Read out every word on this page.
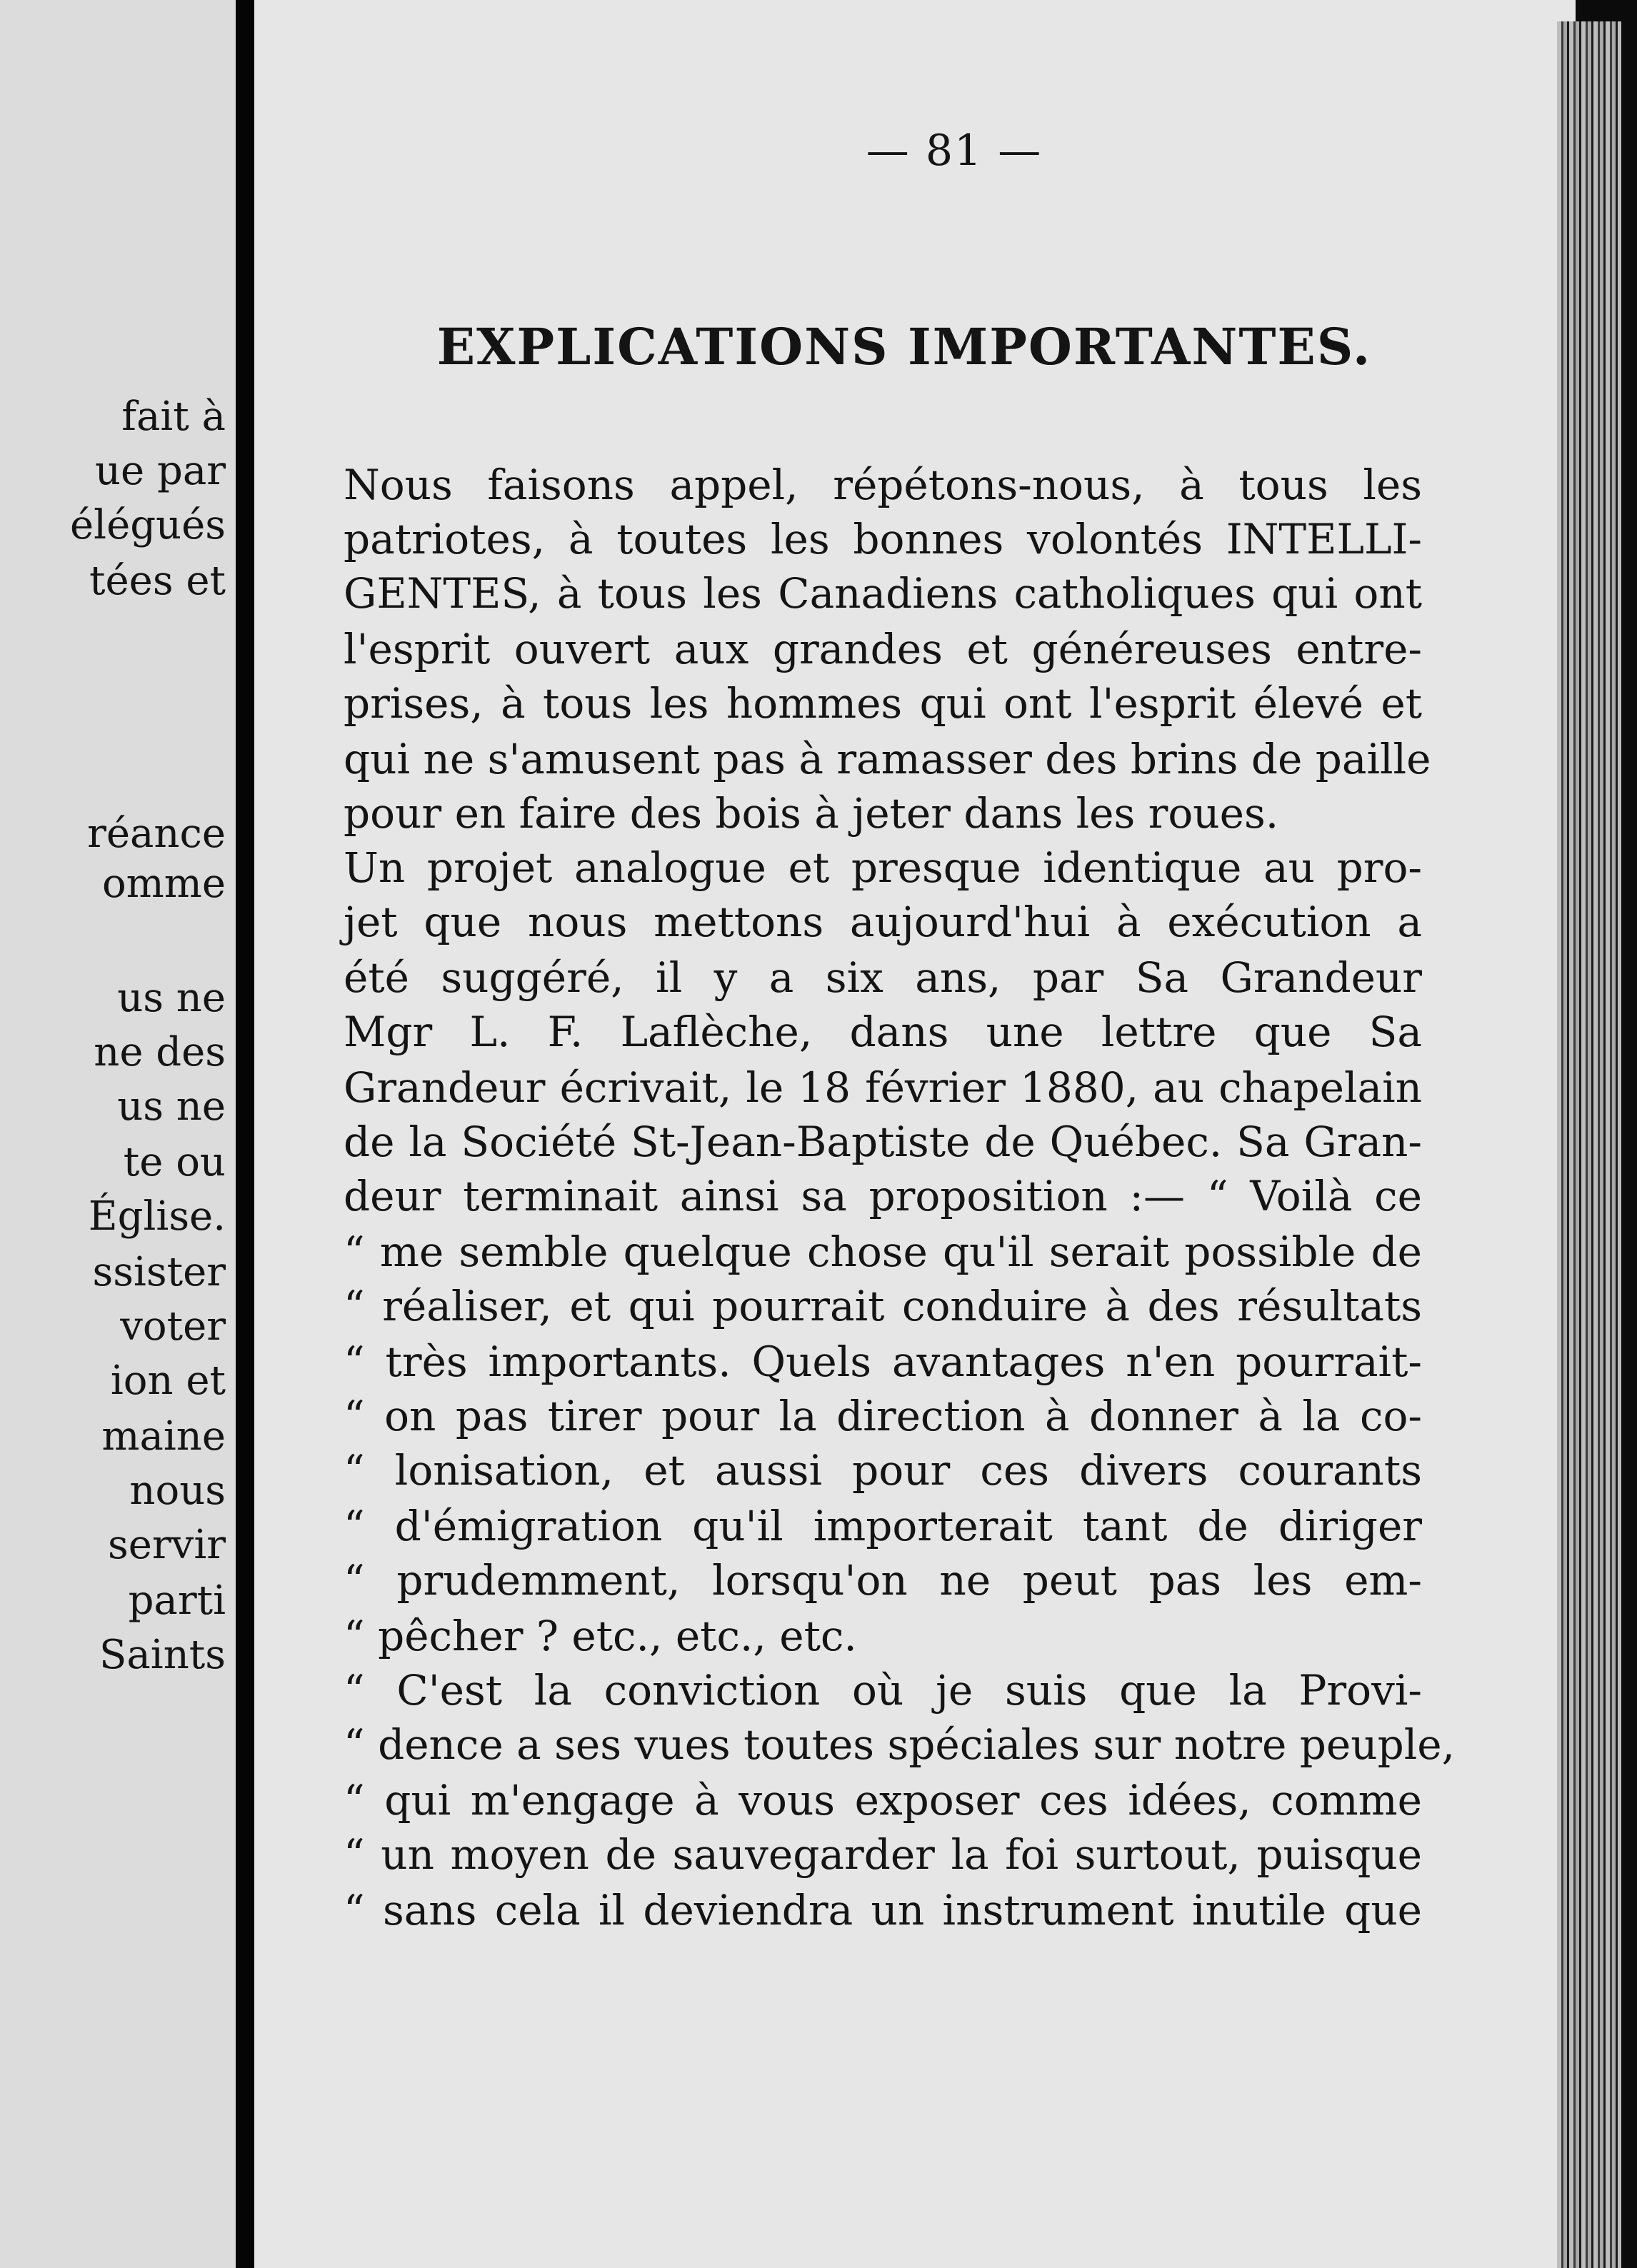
fait à
ue par
élégués
tées et
réance
omme
us ne
ne des
us ne
te ou
Église.
ssister
voter
ion et
maine
nous
servir
parti
Saints
— 81 —
EXPLICATIONS IMPORTANTES.
Nous faisons appel, répétons-nous, à tous les
patriotes, à toutes les bonnes volontés INTELLI-
GENTES, à tous les Canadiens catholiques qui ont
l'esprit ouvert aux grandes et généreuses entre-
prises, à tous les hommes qui ont l'esprit élevé et
qui ne s'amusent pas à ramasser des brins de paille
pour en faire des bois à jeter dans les roues.
Un projet analogue et presque identique au pro-
jet que nous mettons aujourd'hui à exécution a
été suggéré, il y a six ans, par Sa Grandeur
Mgr L. F. Laflèche, dans une lettre que Sa
Grandeur écrivait, le 18 février 1880, au chapelain
de la Société St-Jean-Baptiste de Québec. Sa Gran-
deur terminait ainsi sa proposition :— “ Voilà ce
“ me semble quelque chose qu'il serait possible de
“ réaliser, et qui pourrait conduire à des résultats
“ très importants. Quels avantages n'en pourrait-
“ on pas tirer pour la direction à donner à la co-
“ lonisation, et aussi pour ces divers courants
“ d'émigration qu'il importerait tant de diriger
“ prudemment, lorsqu'on ne peut pas les em-
“ pêcher ? etc., etc., etc.
“ C'est la conviction où je suis que la Provi-
“ dence a ses vues toutes spéciales sur notre peuple,
“ qui m'engage à vous exposer ces idées, comme
“ un moyen de sauvegarder la foi surtout, puisque
“ sans cela il deviendra un instrument inutile que
